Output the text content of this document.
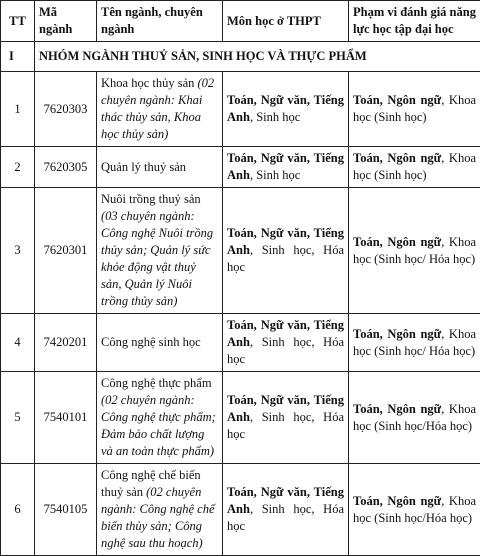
TT	Mã ngành	Tên ngành, chuyên ngành	Môn học ở THPT	Phạm vi đánh giá năng lực học tập đại học
I	NHÓM NGÀNH THUỶ SẢN, SINH HỌC VÀ THỰC PHẨM			
1	7620303	Khoa học thủy sản (02 chuyên ngành: Khai thác thủy sản, Khoa học thủy sản)	Toán, Ngữ văn, Tiếng Anh, Sinh học	Toán, Ngôn ngữ, Khoa học (Sinh học)
2	7620305	Quản lý thuỷ sản	Toán, Ngữ văn, Tiếng Anh, Sinh học	Toán, Ngôn ngữ, Khoa học (Sinh học)
3	7620301	Nuôi trồng thuỷ sản (03 chuyên ngành: Công nghệ Nuôi trồng thủy sản; Quản lý sức khỏe động vật thuỷ sản, Quản lý Nuôi trồng thủy sản)	Toán, Ngữ văn, Tiếng Anh, Sinh học, Hóa học	Toán, Ngôn ngữ, Khoa học (Sinh học/ Hóa học)
4	7420201	Công nghệ sinh học	Toán, Ngữ văn, Tiếng Anh, Sinh học, Hóa học	Toán, Ngôn ngữ, Khoa học (Sinh học/ Hóa học)
5	7540101	Công nghệ thực phẩm (02 chuyên ngành: Công nghệ thực phẩm; Đảm bảo chất lượng và an toàn thực phẩm)	Toán, Ngữ văn, Tiếng Anh, Sinh học, Hóa học	Toán, Ngôn ngữ, Khoa học (Sinh học/Hóa học)
6	7540105	Công nghệ chế biến thuỷ sản (02 chuyên ngành: Công nghệ chế biến thủy sản; Công nghệ sau thu hoạch)	Toán, Ngữ văn, Tiếng Anh, Sinh học, Hóa học	Toán, Ngôn ngữ, Khoa học (Sinh học/Hóa học)
